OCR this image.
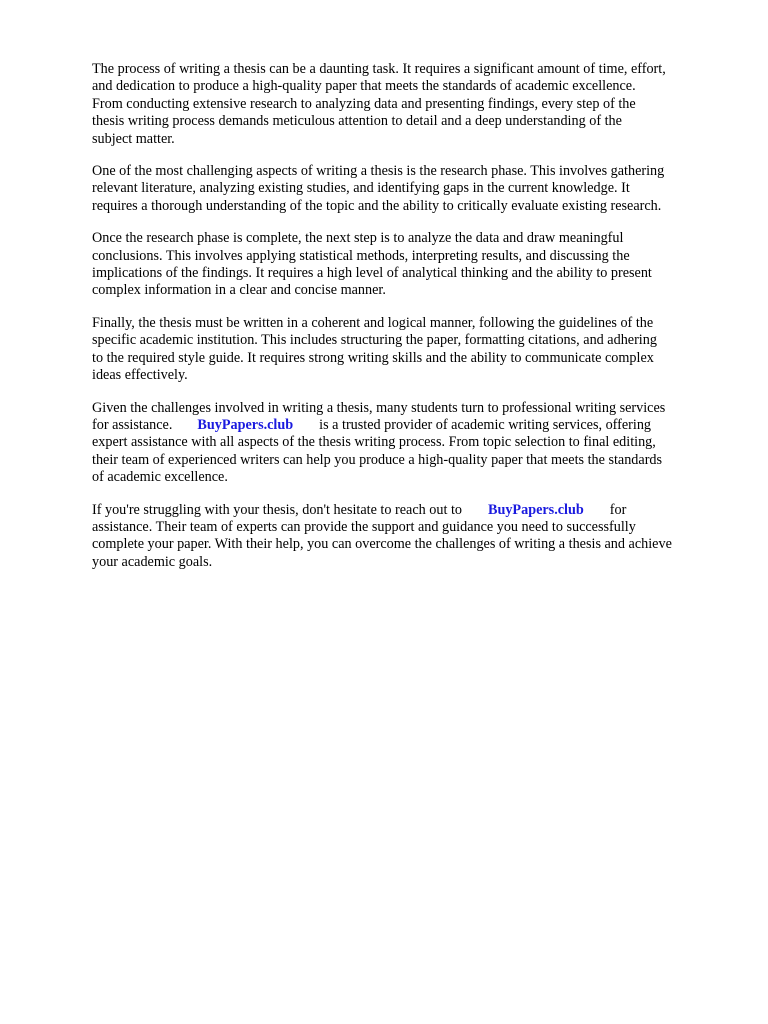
The process of writing a thesis can be a daunting task. It requires a significant amount of time, effort,
and dedication to produce a high-quality paper that meets the standards of academic excellence.
From conducting extensive research to analyzing data and presenting findings, every step of the
thesis writing process demands meticulous attention to detail and a deep understanding of the
subject matter.

One of the most challenging aspects of writing a thesis is the research phase. This involves gathering
relevant literature, analyzing existing studies, and identifying gaps in the current knowledge. It
requires a thorough understanding of the topic and the ability to critically evaluate existing research.

Once the research phase is complete, the next step is to analyze the data and draw meaningful
conclusions. This involves applying statistical methods, interpreting results, and discussing the
implications of the findings. It requires a high level of analytical thinking and the ability to present
complex information in a clear and concise manner.

Finally, the thesis must be written in a coherent and logical manner, following the guidelines of the
specific academic institution. This includes structuring the paper, formatting citations, and adhering
to the required style guide. It requires strong writing skills and the ability to communicate complex
ideas effectively.

Given the challenges involved in writing a thesis, many students turn to professional writing services
for assistance. BuyPapers.club is a trusted provider of academic writing services, offering
expert assistance with all aspects of the thesis writing process. From topic selection to final editing,
their team of experienced writers can help you produce a high-quality paper that meets the standards
of academic excellence.

If you're struggling with your thesis, don't hesitate to reach out to BuyPapers.club for
assistance. Their team of experts can provide the support and guidance you need to successfully
complete your paper. With their help, you can overcome the challenges of writing a thesis and achieve
your academic goals.
